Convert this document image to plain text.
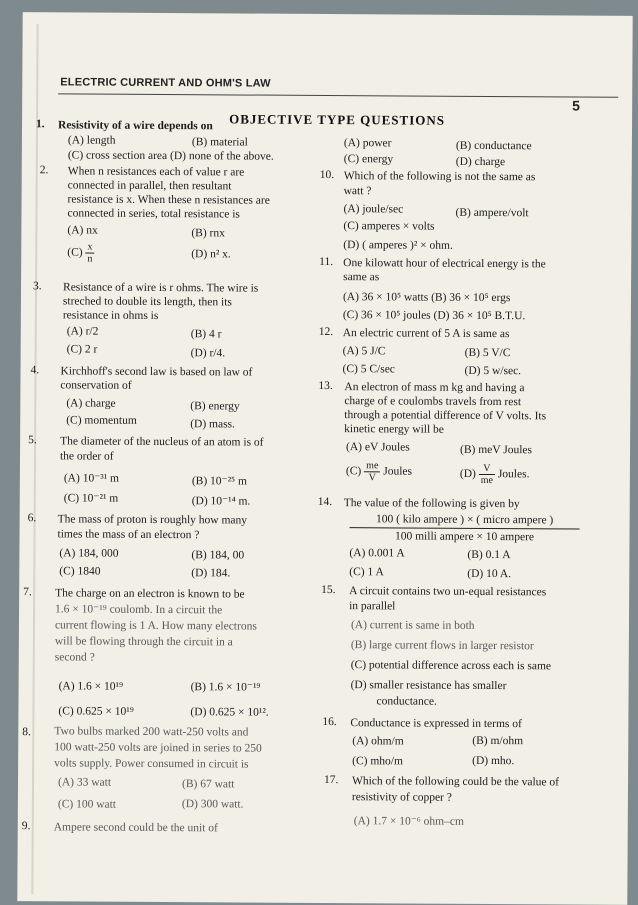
ELECTRIC CURRENT AND OHM'S LAW
5
OBJECTIVE TYPE QUESTIONS
1. Resistivity of a wire depends on
(A) length	(B) material
(C) cross section area (D) none of the above.
2. When n resistances each of value r are
connected in parallel, then resultant
resistance is x. When these n resistances are
connected in series, total resistance is
(A) nx	(B) rnx
$(C) \frac{x}{n}$	(D) n² x.
3. Resistance of a wire is r ohms. The wire is
streched to double its length, then its
resistance in ohms is
(A) r/2	(B) 4 r
(C) 2 r	(D) r/4.
4. Kirchhoff's second law is based on law of
conservation of
(A) charge	(B) energy
(C) momentum	(D) mass.
5. The diameter of the nucleus of an atom is of
the order of
(A) 10⁻³¹ m	(B) 10⁻²⁵ m
(C) 10⁻²¹ m	(D) 10⁻¹⁴ m.
6. The mass of proton is roughly how many
times the mass of an electron ?
(A) 184, 000	(B) 184, 00
(C) 1840	(D) 184.
7. The charge on an electron is known to be
1.6 × 10⁻¹⁹ coulomb. In a circuit the
current flowing is 1 A. How many electrons
will be flowing through the circuit in a
second ?
(A) 1.6 × 10¹⁹	(B) 1.6 × 10⁻¹⁹
(C) 0.625 × 10¹⁹	(D) 0.625 × 10¹².
8. Two bulbs marked 200 watt-250 volts and
100 watt-250 volts are joined in series to 250
volts supply. Power consumed in circuit is
(A) 33 watt	(B) 67 watt
(C) 100 watt	(D) 300 watt.
9. Ampere second could be the unit of
(A) power	(B) conductance
(C) energy	(D) charge
10. Which of the following is not the same as
watt ?
(A) joule/sec	(B) ampere/volt
(C) amperes × volts
(D) ( amperes )² × ohm.
11. One kilowatt hour of electrical energy is the
same as
(A) 36 × 10⁵ watts (B) 36 × 10⁵ ergs
(C) 36 × 10⁵ joules (D) 36 × 10⁵ B.T.U.
12. An electric current of 5 A is same as
(A) 5 J/C	(B) 5 V/C
(C) 5 C/sec	(D) 5 w/sec.
13. An electron of mass m kg and having a
charge of e coulombs travels from rest
through a potential difference of V volts. Its
kinetic energy will be
(A) eV Joules	(B) meV Joules
$(C) \frac{me}{V}$ Joules	$(D) \frac{V}{me}$ Joules.
14. The value of the following is given by
100 ( kilo ampere ) × ( micro ampere )
100 milli ampere × 10 ampere
(A) 0.001 A	(B) 0.1 A
(C) 1 A	(D) 10 A.
15. A circuit contains two un-equal resistances
in parallel
(A) current is same in both
(B) large current flows in larger resistor
(C) potential difference across each is same
(D) smaller resistance has smaller
conductance.
16. Conductance is expressed in terms of
(A) ohm/m	(B) m/ohm
(C) mho/m	(D) mho.
17. Which of the following could be the value of
resistivity of copper ?
(A) 1.7 × 10⁻⁶ ohm–cm
